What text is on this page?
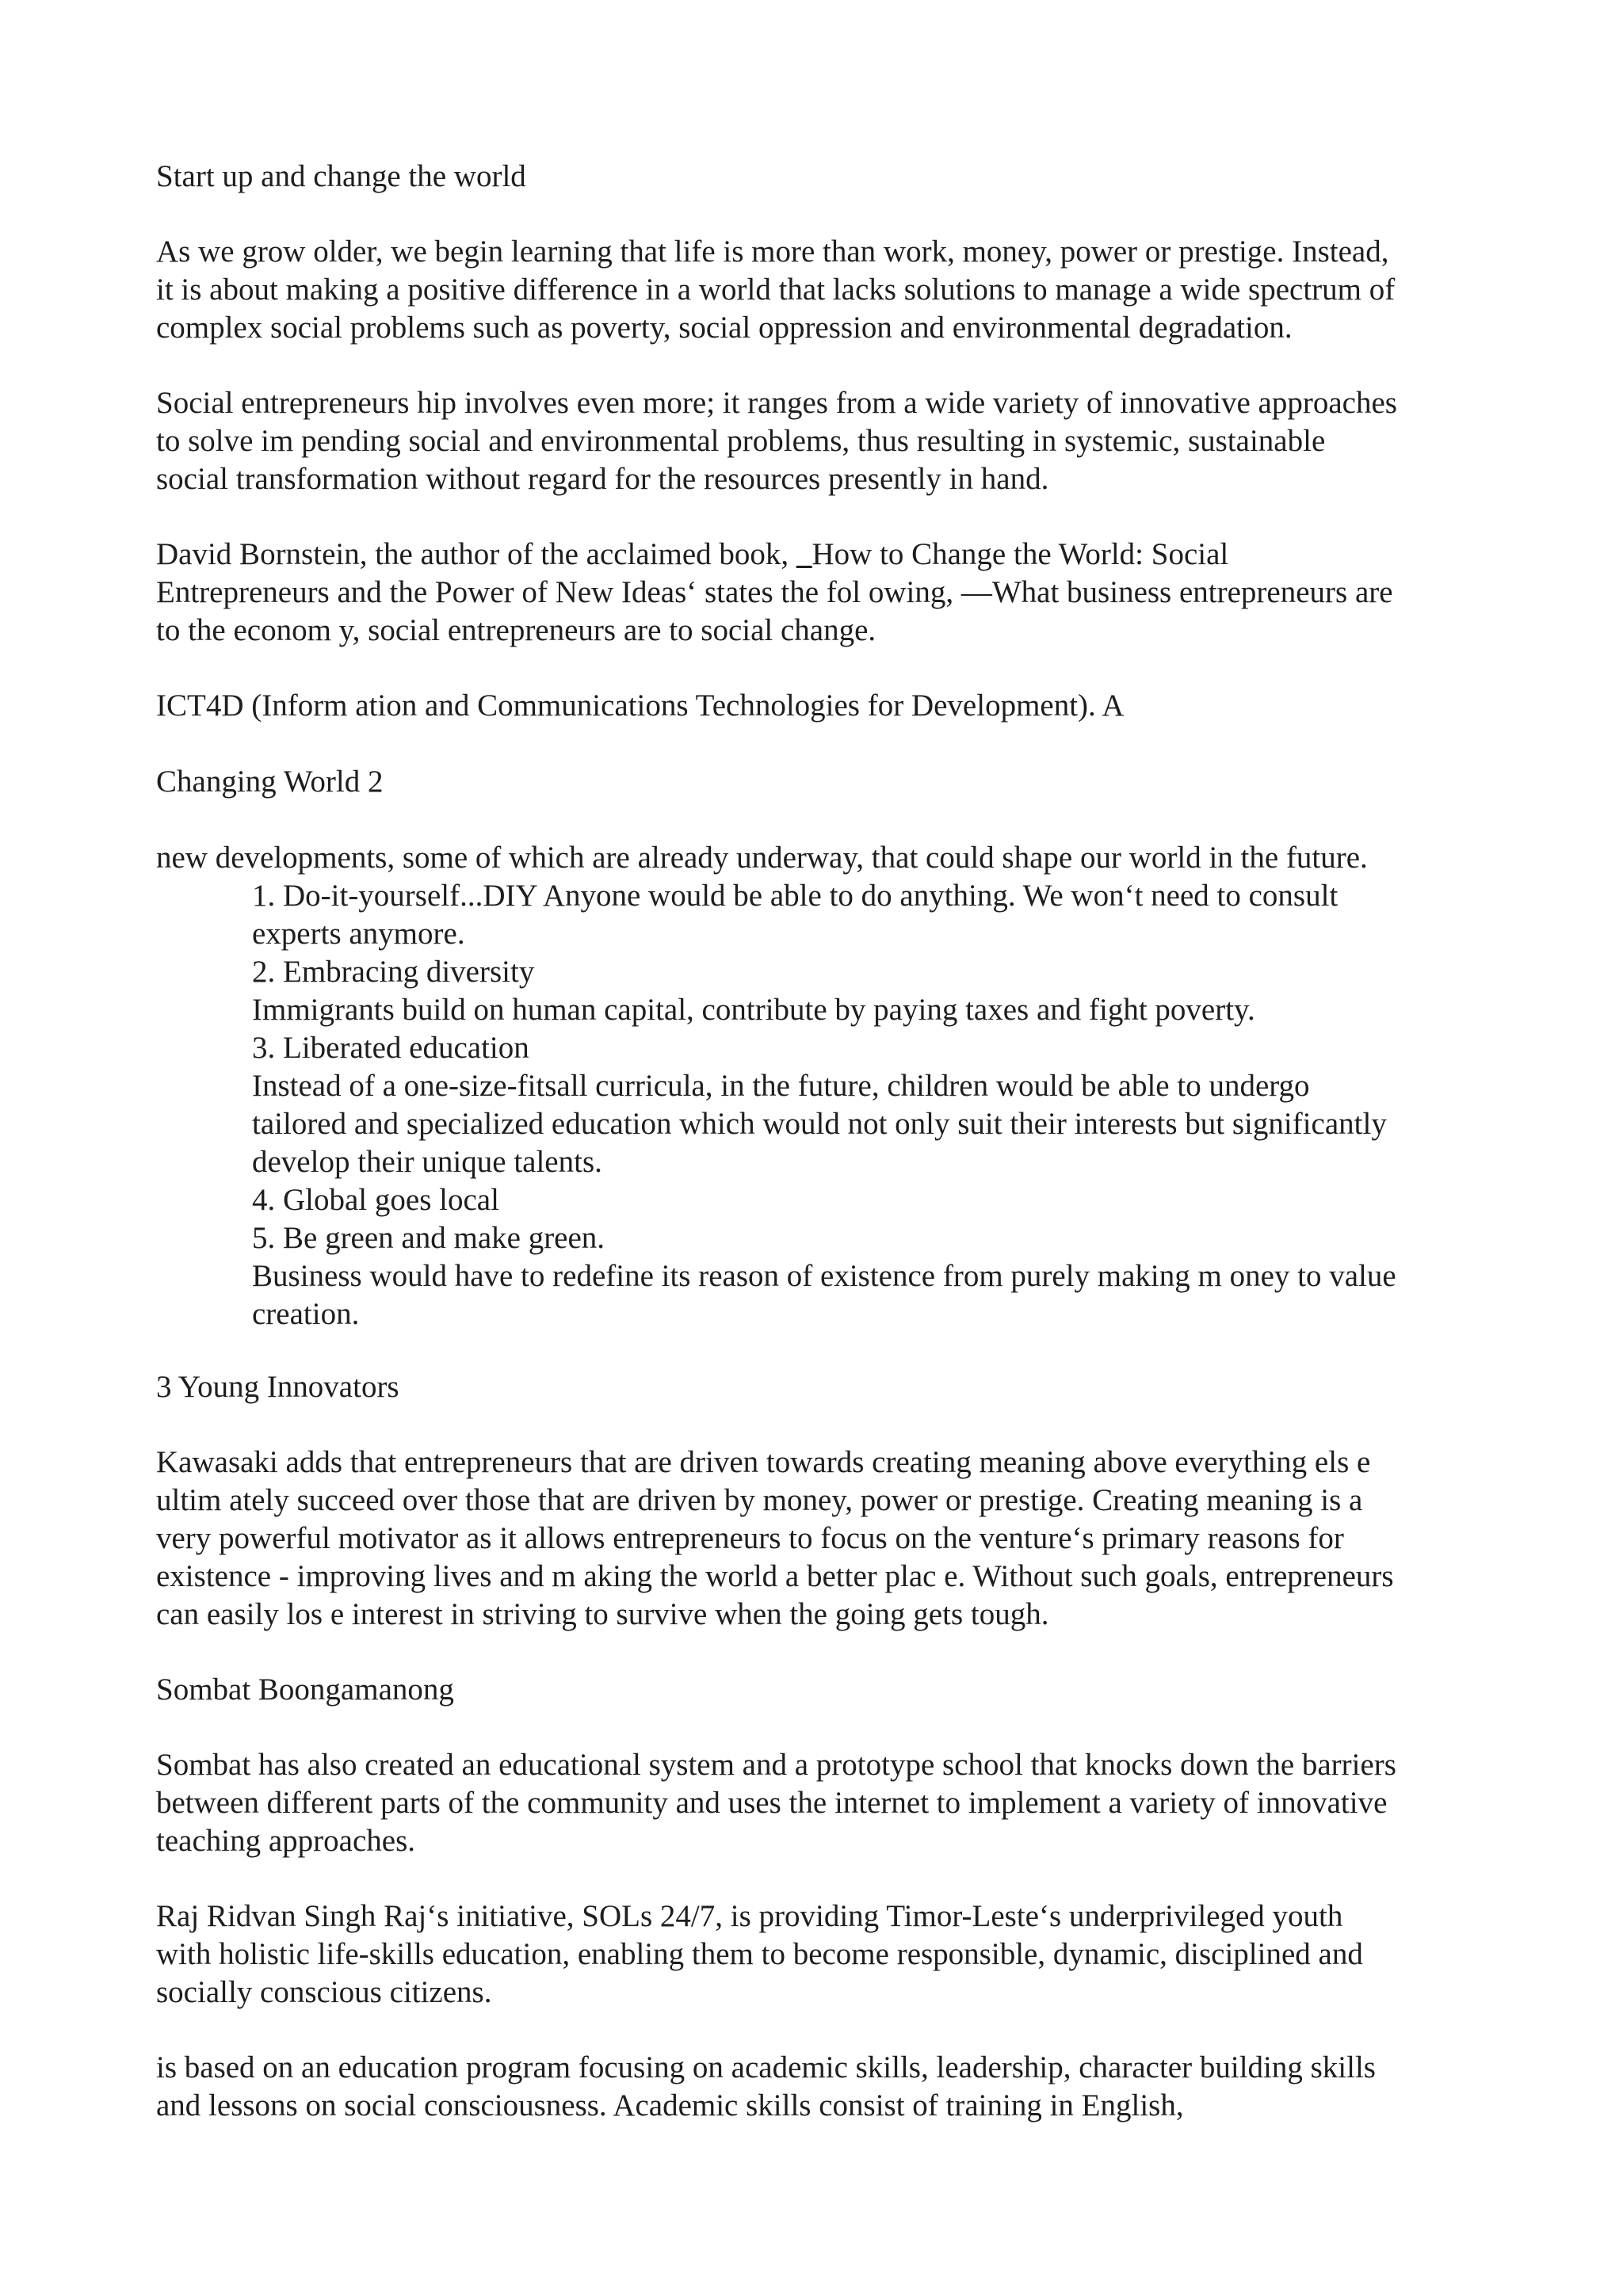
Start up and change the world

As we grow older, we begin learning that life is more than work, money, power or prestige. Instead,
it is about making a positive difference in a world that lacks solutions to manage a wide spectrum of
complex social problems such as poverty, social oppression and environmental degradation.

Social entrepreneurs hip involves even more; it ranges from a wide variety of innovative approaches
to solve im pending social and environmental problems, thus resulting in systemic, sustainable
social transformation without regard for the resources presently in hand.

David Bornstein, the author of the acclaimed book, _How to Change the World: Social
Entrepreneurs and the Power of New Ideas‘ states the fol owing, ―What business entrepreneurs are
to the econom y, social entrepreneurs are to social change.

ICT4D (Inform ation and Communications Technologies for Development). A

Changing World 2

new developments, some of which are already underway, that could shape our world in the future.

1. Do-it-yourself...DIY Anyone would be able to do anything. We won‘t need to consult
experts anymore.
2. Embracing diversity
Immigrants build on human capital, contribute by paying taxes and fight poverty.
3. Liberated education
Instead of a one-size-fitsall curricula, in the future, children would be able to undergo
tailored and specialized education which would not only suit their interests but significantly
develop their unique talents.
4. Global goes local
5. Be green and make green.
Business would have to redefine its reason of existence from purely making m oney to value
creation.

3 Young Innovators

Kawasaki adds that entrepreneurs that are driven towards creating meaning above everything els e
ultim ately succeed over those that are driven by money, power or prestige. Creating meaning is a
very powerful motivator as it allows entrepreneurs to focus on the venture‘s primary reasons for
existence - improving lives and m aking the world a better plac e. Without such goals, entrepreneurs
can easily los e interest in striving to survive when the going gets tough.

Sombat Boongamanong

Sombat has also created an educational system and a prototype school that knocks down the barriers
between different parts of the community and uses the internet to implement a variety of innovative
teaching approaches.

Raj Ridvan Singh Raj‘s initiative, SOLs 24/7, is providing Timor-Leste‘s underprivileged youth
with holistic life-skills education, enabling them to become responsible, dynamic, disciplined and
socially conscious citizens.

is based on an education program focusing on academic skills, leadership, character building skills
and lessons on social consciousness. Academic skills consist of training in English,
